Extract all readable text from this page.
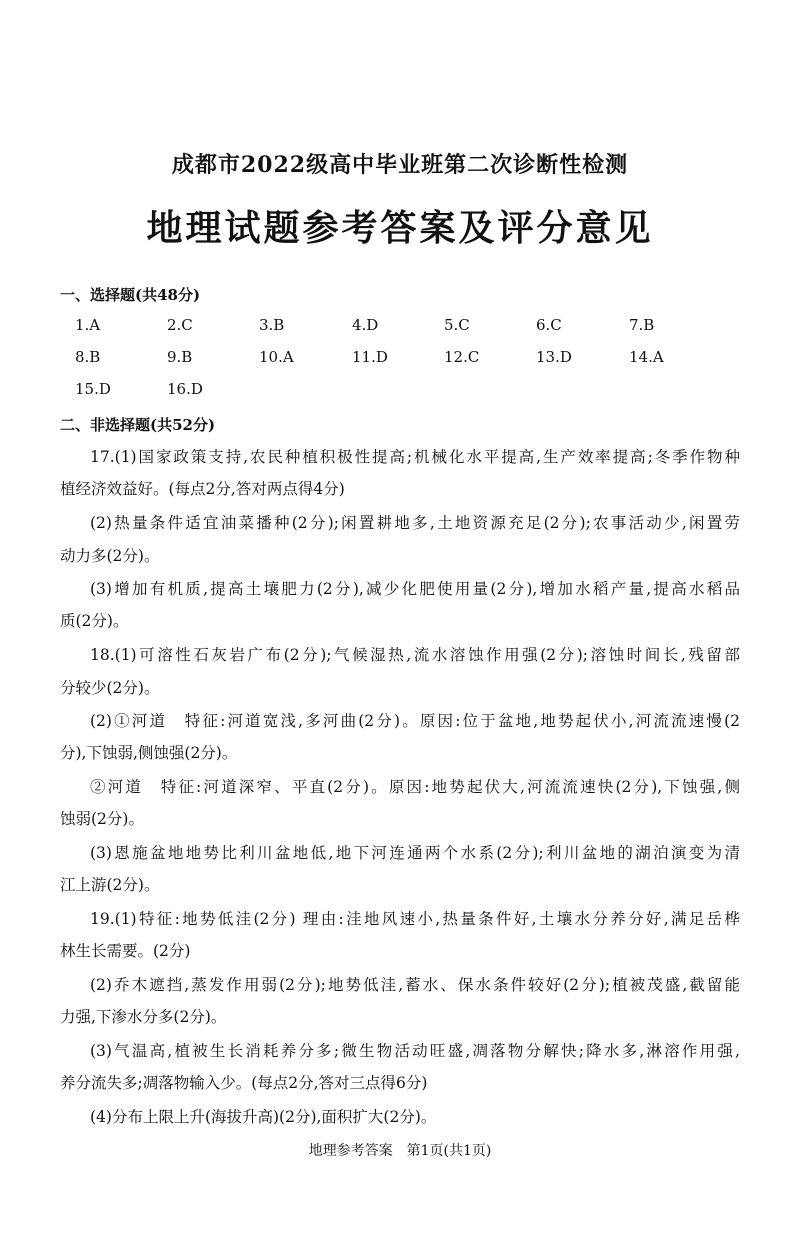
成都市2022级高中毕业班第二次诊断性检测
地理试题参考答案及评分意见
一、选择题(共48分)
1.A	2.C	3.B	4.D	5.C	6.C	7.B
8.B	9.B	10.A	11.D	12.C	13.D	14.A
15.D	16.D
二、非选择题(共52分)
17.(1)国家政策支持,农民种植积极性提高;机械化水平提高,生产效率提高;冬季作物种
植经济效益好。(每点2分,答对两点得4分)
(2)热量条件适宜油菜播种(2分);闲置耕地多,土地资源充足(2分);农事活动少,闲置劳
动力多(2分)。
(3)增加有机质,提高土壤肥力(2分),减少化肥使用量(2分),增加水稻产量,提高水稻品
质(2分)。
18.(1)可溶性石灰岩广布(2分);气候湿热,流水溶蚀作用强(2分);溶蚀时间长,残留部
分较少(2分)。
(2)①河道　特征:河道宽浅,多河曲(2分)。原因:位于盆地,地势起伏小,河流流速慢(2
分),下蚀弱,侧蚀强(2分)。
②河道　特征:河道深窄、平直(2分)。原因:地势起伏大,河流流速快(2分),下蚀强,侧
蚀弱(2分)。
(3)恩施盆地地势比利川盆地低,地下河连通两个水系(2分);利川盆地的湖泊演变为清
江上游(2分)。
19.(1)特征:地势低洼(2分) 理由:洼地风速小,热量条件好,土壤水分养分好,满足岳桦
林生长需要。(2分)
(2)乔木遮挡,蒸发作用弱(2分);地势低洼,蓄水、保水条件较好(2分);植被茂盛,截留能
力强,下渗水分多(2分)。
(3)气温高,植被生长消耗养分多;微生物活动旺盛,凋落物分解快;降水多,淋溶作用强,
养分流失多;凋落物输入少。(每点2分,答对三点得6分)
(4)分布上限上升(海拔升高)(2分),面积扩大(2分)。
地理参考答案　第1页(共1页)
